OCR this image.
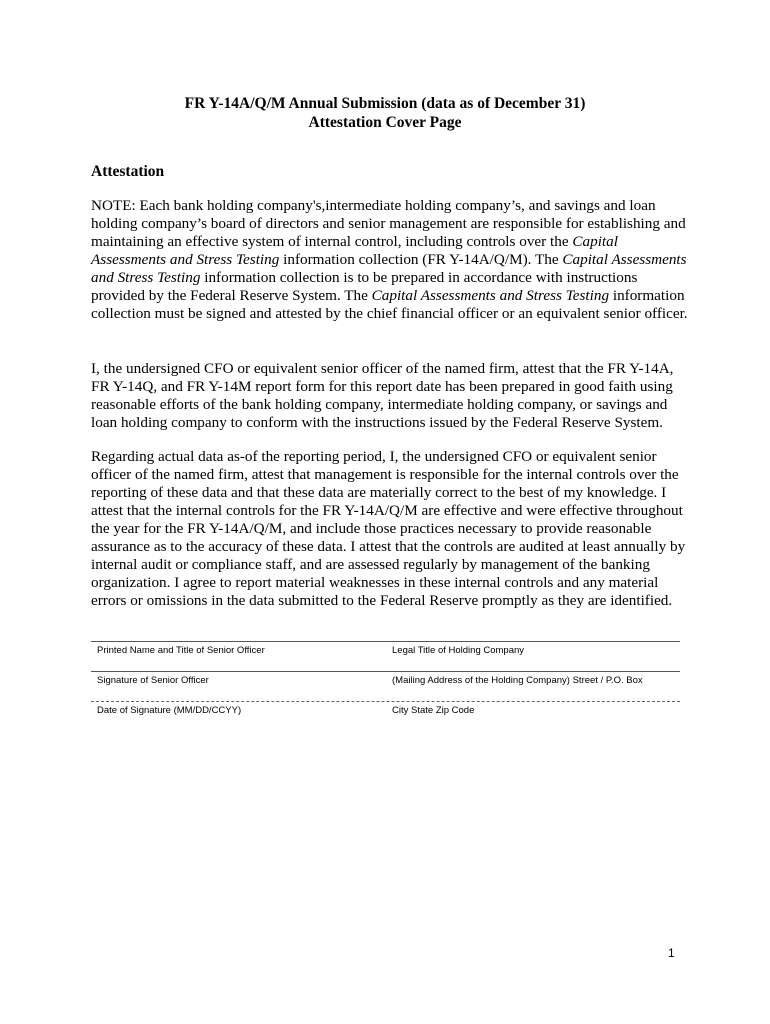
FR Y-14A/Q/M Annual Submission (data as of December 31)
Attestation Cover Page
Attestation

NOTE: Each bank holding company's,intermediate holding company’s, and savings and loan holding company’s board of directors and senior management are responsible for establishing and maintaining an effective system of internal control, including controls over the Capital Assessments and Stress Testing information collection (FR Y-14A/Q/M). The Capital Assessments and Stress Testing information collection is to be prepared in accordance with instructions provided by the Federal Reserve System. The Capital Assessments and Stress Testing information collection must be signed and attested by the chief financial officer or an equivalent senior officer.

I, the undersigned CFO or equivalent senior officer of the named firm, attest that the FR Y-14A, FR Y-14Q, and FR Y-14M report form for this report date has been prepared in good faith using reasonable efforts of the bank holding company, intermediate holding company, or savings and loan holding company to conform with the instructions issued by the Federal Reserve System.

Regarding actual data as-of the reporting period, I, the undersigned CFO or equivalent senior officer of the named firm, attest that management is responsible for the internal controls over the reporting of these data and that these data are materially correct to the best of my knowledge. I attest that the internal controls for the FR Y-14A/Q/M are effective and were effective throughout the year for the FR Y-14A/Q/M, and include those practices necessary to provide reasonable assurance as to the accuracy of these data. I attest that the controls are audited at least annually by internal audit or compliance staff, and are assessed regularly by management of the banking organization. I agree to report material weaknesses in these internal controls and any material errors or omissions in the data submitted to the Federal Reserve promptly as they are identified.

Printed Name and Title of Senior Officer	Legal Title of Holding Company
Signature of Senior Officer	(Mailing Address of the Holding Company) Street / P.O. Box
Date of Signature (MM/DD/CCYY)	City State Zip Code
1
